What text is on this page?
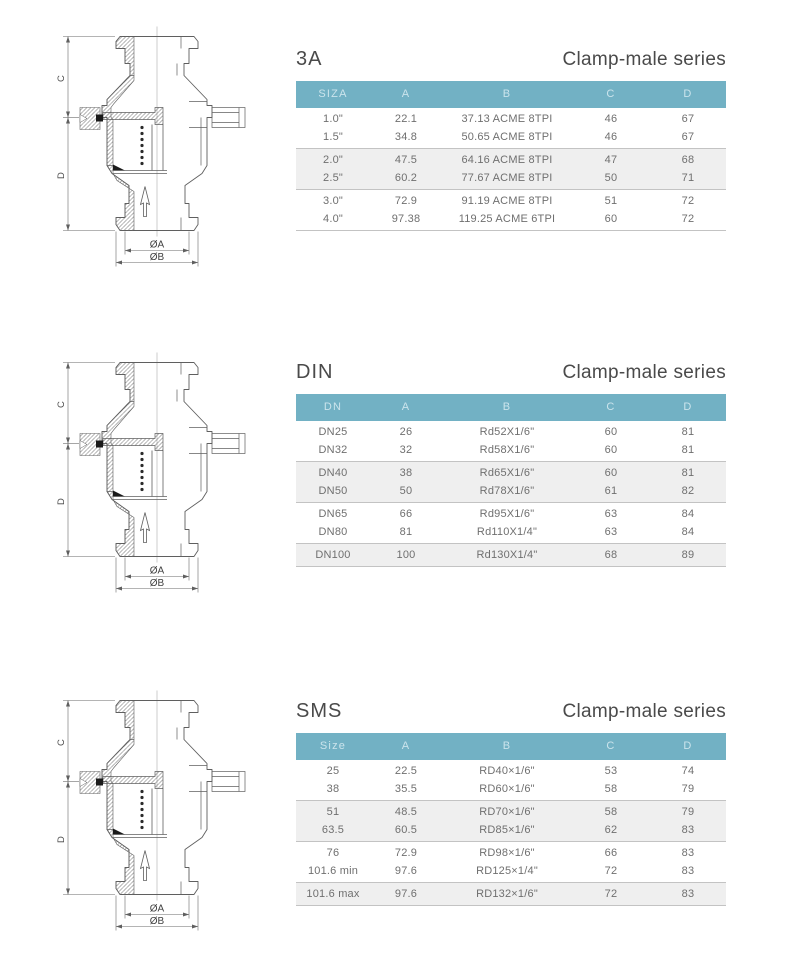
3A	Clamp-male series
SIZA	A	B	C	D
1.0"	22.1	37.13 ACME 8TPI	46	67
1.5"	34.8	50.65 ACME 8TPI	46	67
2.0"	47.5	64.16 ACME 8TPI	47	68
2.5"	60.2	77.67 ACME 8TPI	50	71
3.0"	72.9	91.19 ACME 8TPI	51	72
4.0"	97.38	119.25 ACME 6TPI	60	72
DIN	Clamp-male series
DN	A	B	C	D
DN25	26	Rd52X1/6"	60	81
DN32	32	Rd58X1/6"	60	81
DN40	38	Rd65X1/6"	60	81
DN50	50	Rd78X1/6"	61	82
DN65	66	Rd95X1/6"	63	84
DN80	81	Rd110X1/4"	63	84
DN100	100	Rd130X1/4"	68	89
SMS	Clamp-male series
Size	A	B	C	D
25	22.5	RD40×1/6"	53	74
38	35.5	RD60×1/6"	58	79
51	48.5	RD70×1/6"	58	79
63.5	60.5	RD85×1/6"	62	83
76	72.9	RD98×1/6"	66	83
101.6 min	97.6	RD125×1/4"	72	83
101.6 max	97.6	RD132×1/6"	72	83
